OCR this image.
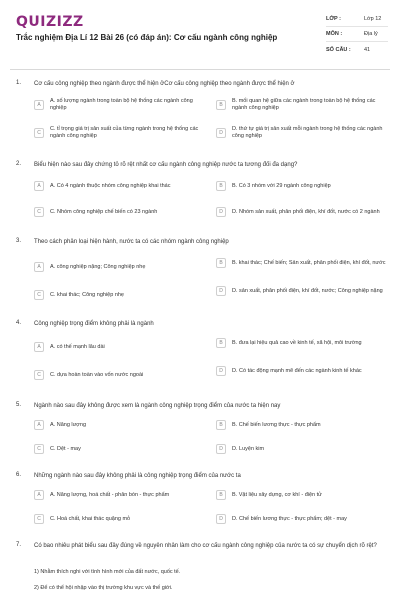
QUIZIZZ
Trắc nghiệm Địa Lí 12 Bài 26 (có đáp án): Cơ cấu ngành công nghiệp
LỚP :	Lớp 12
MÔN :	Địa lý
SỐ CÂU :	41
1. Cơ cấu công nghiệp theo ngành được thể hiện ởCơ cấu công nghiệp theo ngành được thể hiện ở
A
A. số lượng ngành trong toàn bộ hệ thống các ngành công nghiệp	B
B. mối quan hệ giữa các ngành trong toàn bộ hệ thống các ngành công nghiệp
C
C. tỉ trọng giá trị sản xuất của từng ngành trong hệ thống các ngành công nghiệp	D
D. thứ tự giá trị sản xuất mỗi ngành trong hệ thống các ngành công nghiệp
2. Biểu hiện nào sau đây chứng tỏ rõ rệt nhất cơ cấu ngành công nghiệp nước ta tương đối đa dạng?
A	A. Có 4 ngành thuộc nhóm công nghiệp khai thác	B	B. Có 3 nhóm với 29 ngành công nghiệp
C	C. Nhóm công nghiệp chế biến có 23 ngành	D	D. Nhóm sản xuất, phân phối điện, khí đốt, nước có 2 ngành
3. Theo cách phân loại hiện hành, nước ta có các nhóm ngành công nghiệp
A	A. công nghiệp nặng; Công nghiệp nhẹ
B	B. khai thác; Chế biến; Sản xuất, phân phối điện, khí đốt, nước
C	C. khai thác; Công nghiệp nhẹ
D	D. sản xuất, phân phối điện, khí đốt, nước; Công nghiệp nặng
4. Công nghiệp trọng điểm không phải là ngành
A	A. có thế mạnh lâu dài
B	B. đưa lại hiệu quả cao về kinh tế, xã hội, môi trường
C	C. dựa hoàn toàn vào vốn nước ngoài
D	D. Có tác động mạnh mẽ đến các ngành kinh tế khác
5. Ngành nào sau đây không được xem là ngành công nghiệp trọng điểm của nước ta hiện nay
A	A. Năng lượng	B	B. Chế biến lương thực - thực phẩm
C	C. Dệt - may	D	D. Luyện kim
6. Những ngành nào sau đây không phải là công nghiệp trọng điểm của nước ta
A	A. Năng lượng, hoá chất - phân bón - thực phẩm	B	B. Vật liệu xây dựng, cơ khí - điện tử
C	C. Hoá chất, khai thác quặng mỏ	D	D. Chế biến lương thực - thực phẩm; dệt - may
7. Có bao nhiêu phát biểu sau đây đúng về nguyên nhân làm cho cơ cấu ngành công nghiệp của nước ta có sự chuyển dịch rõ rệt?
1) Nhằm thích nghi với tình hình mới của đất nước, quốc tế.
2) Để có thể hội nhập vào thị trường khu vực và thế giới.
